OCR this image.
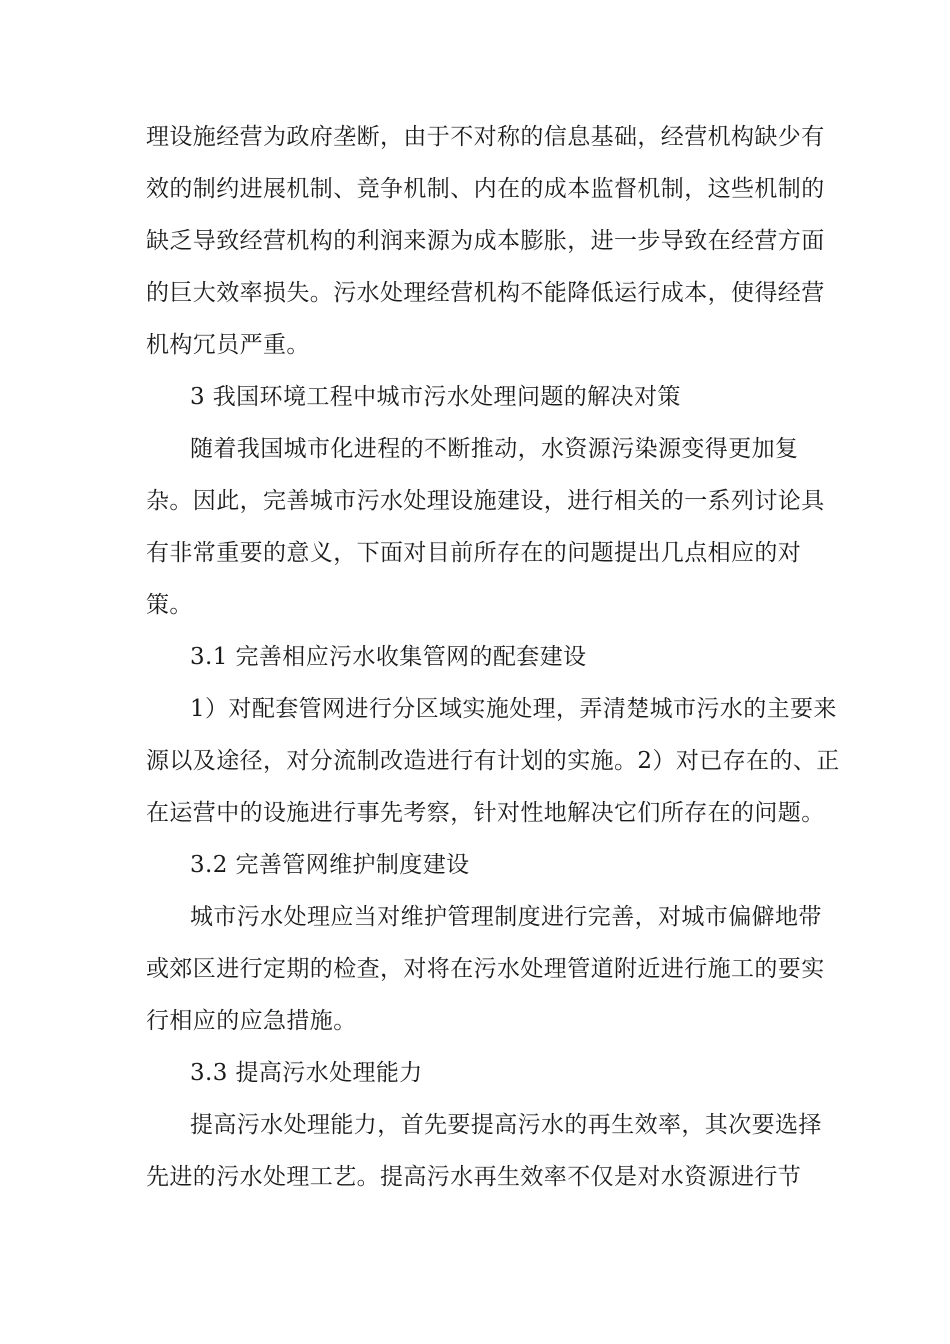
理设施经营为政府垄断，由于不对称的信息基础，经营机构缺少有
效的制约进展机制、竞争机制、内在的成本监督机制，这些机制的
缺乏导致经营机构的利润来源为成本膨胀，进一步导致在经营方面
的巨大效率损失。污水处理经营机构不能降低运行成本，使得经营
机构冗员严重。
3 我国环境工程中城市污水处理问题的解决对策
随着我国城市化进程的不断推动，水资源污染源变得更加复
杂。因此，完善城市污水处理设施建设，进行相关的一系列讨论具
有非常重要的意义，下面对目前所存在的问题提出几点相应的对
策。
3.1 完善相应污水收集管网的配套建设
1）对配套管网进行分区域实施处理，弄清楚城市污水的主要来
源以及途径，对分流制改造进行有计划的实施。2）对已存在的、正
在运营中的设施进行事先考察，针对性地解决它们所存在的问题。
3.2 完善管网维护制度建设
城市污水处理应当对维护管理制度进行完善，对城市偏僻地带
或郊区进行定期的检查，对将在污水处理管道附近进行施工的要实
行相应的应急措施。
3.3 提高污水处理能力
提高污水处理能力，首先要提高污水的再生效率，其次要选择
先进的污水处理工艺。提高污水再生效率不仅是对水资源进行节
